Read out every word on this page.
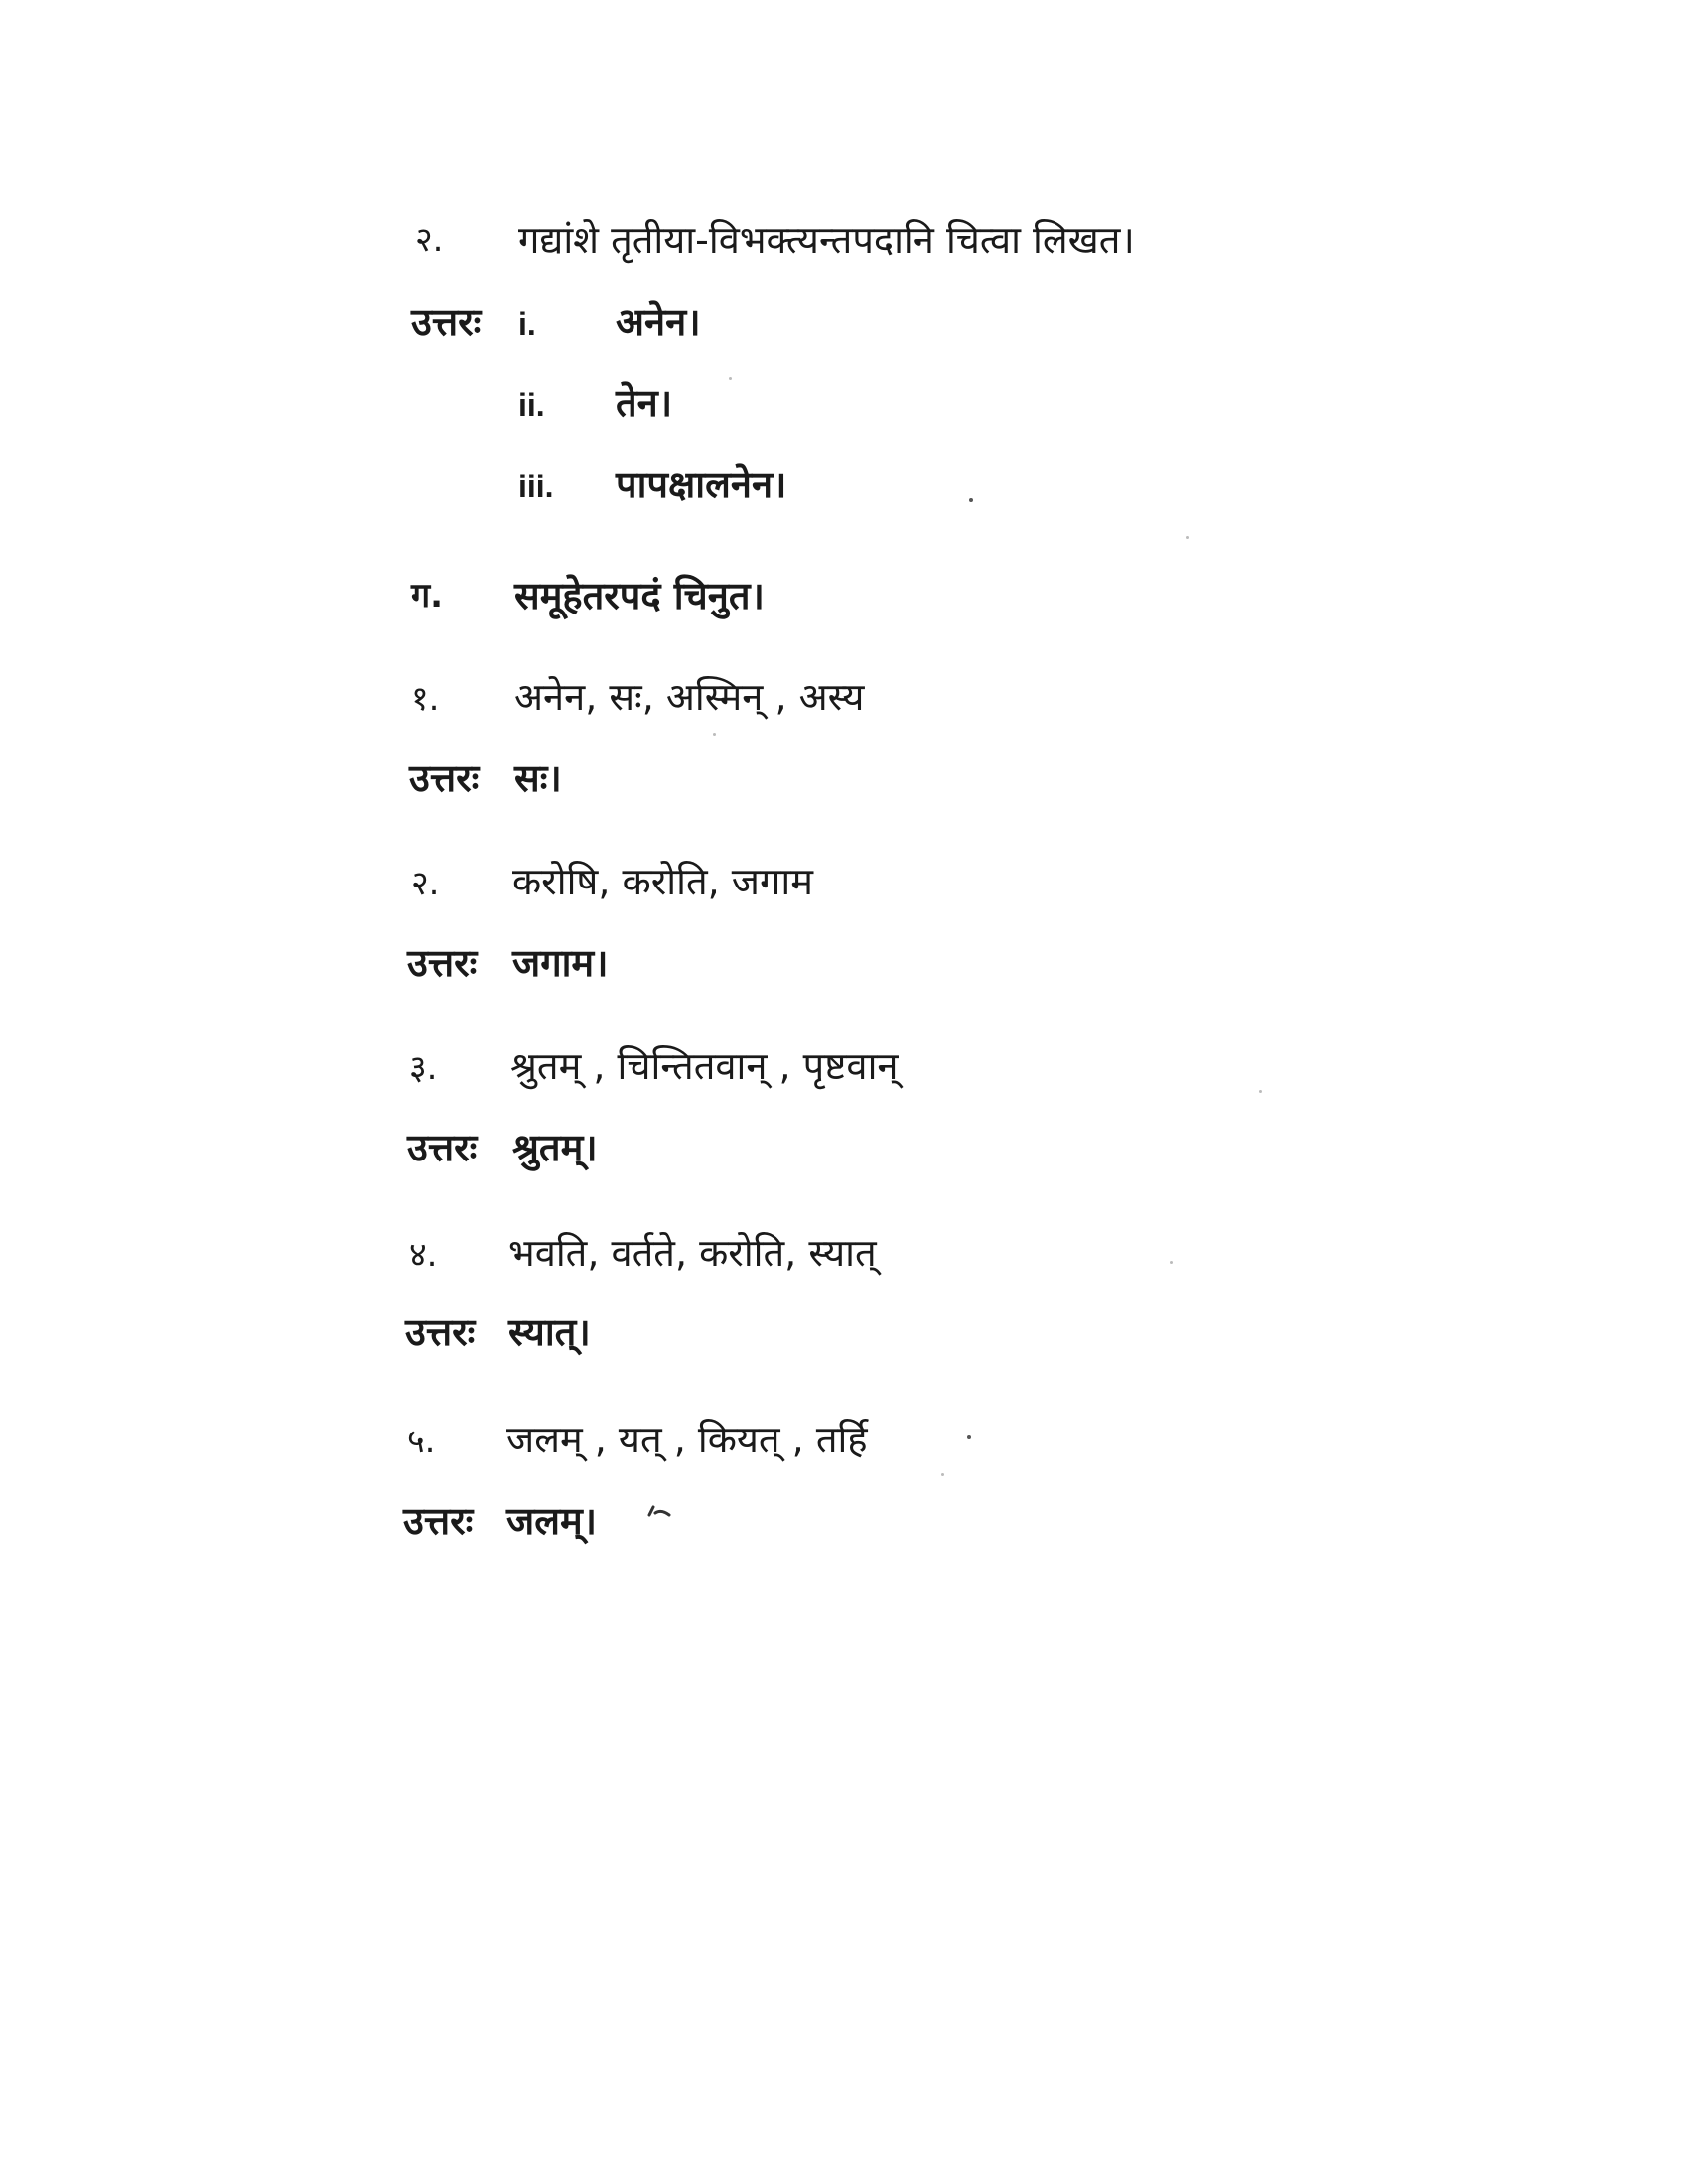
२. गद्यांशे तृतीया-विभक्त्यन्तपदानि चित्वा लिखत।
उत्तरः i. अनेन।
ii. तेन।
iii. पापक्षालनेन।
ग. समूहेतरपदं चिनुत।
१. अनेन, सः, अस्मिन् , अस्य
उत्तरः सः।
२. करोषि, करोति, जगाम
उत्तरः जगाम।
३. श्रुतम् , चिन्तितवान् , पृष्टवान्
उत्तरः श्रुतम्।
४. भवति, वर्तते, करोति, स्यात्
उत्तरः स्यात्।
५. जलम् , यत् , कियत् , तर्हि
उत्तरः जलम्।
